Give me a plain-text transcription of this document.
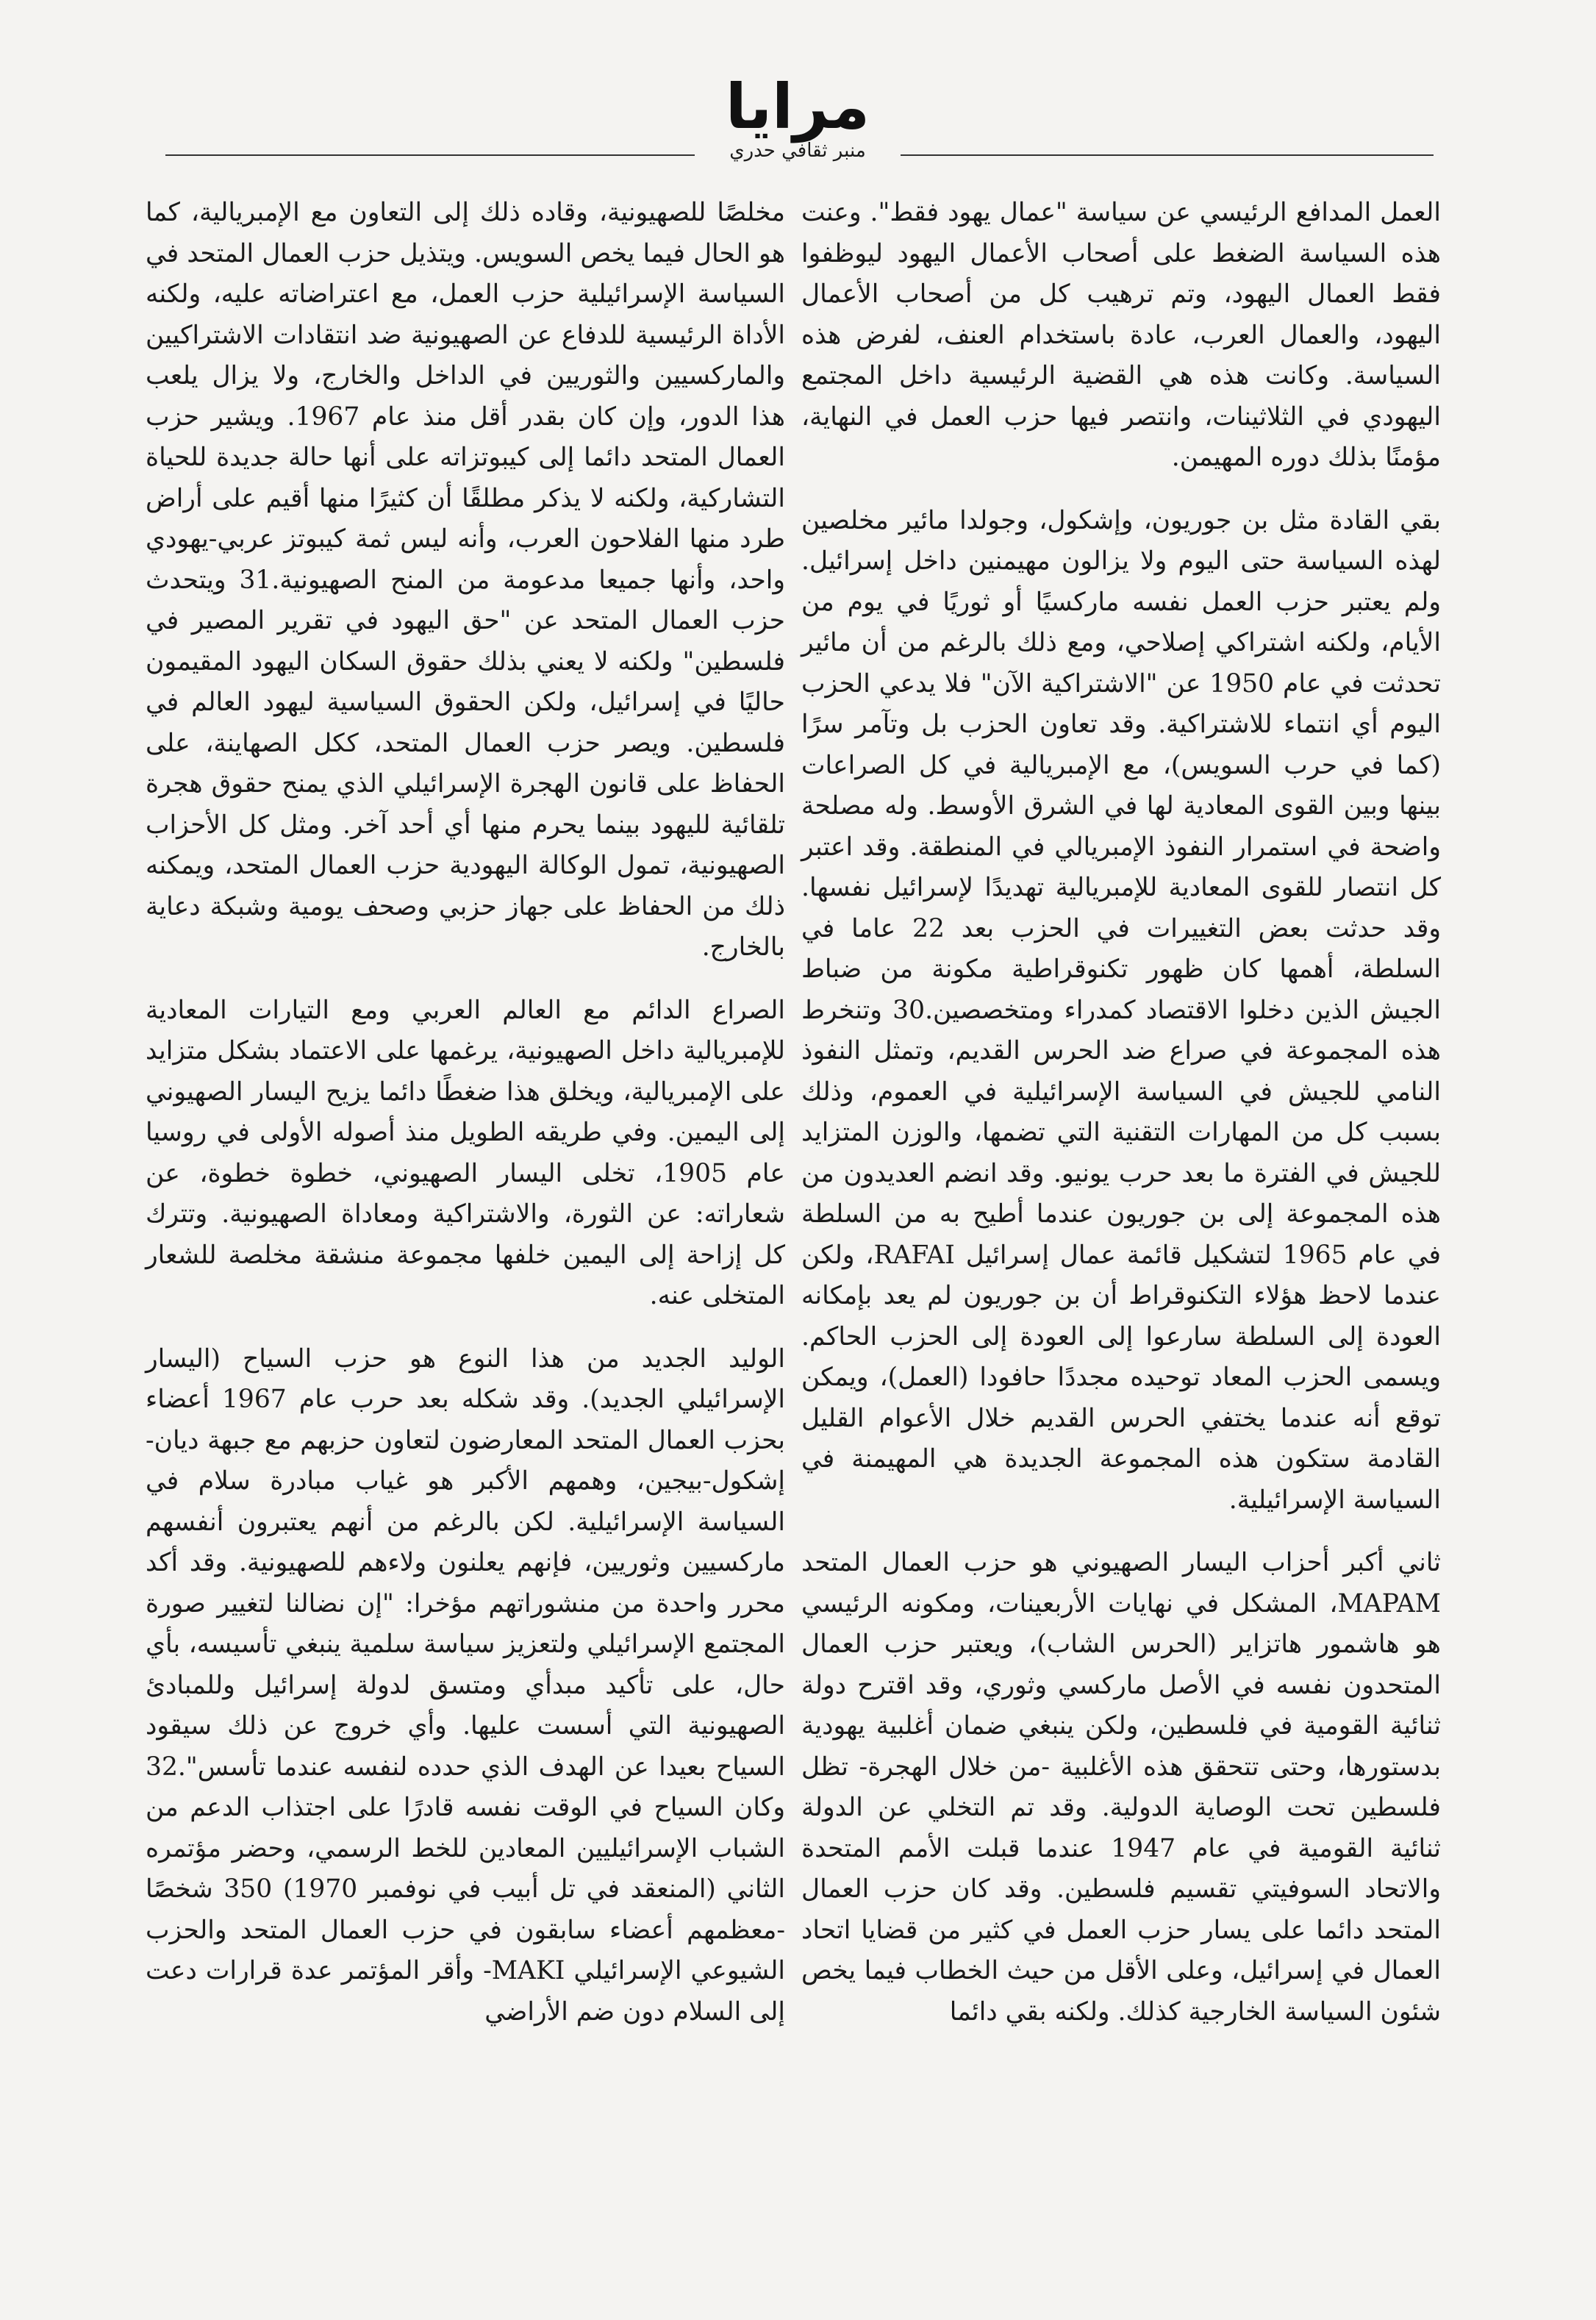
مرايا
منبر ثقافي حدري

العمل المدافع الرئيسي عن سياسة "عمال يهود فقط". وعنت هذه السياسة الضغط على أصحاب الأعمال اليهود ليوظفوا فقط العمال اليهود، وتم ترهيب كل من أصحاب الأعمال اليهود، والعمال العرب، عادة باستخدام العنف، لفرض هذه السياسة. وكانت هذه هي القضية الرئيسية داخل المجتمع اليهودي في الثلاثينات، وانتصر فيها حزب العمل في النهاية، مؤمنًا بذلك دوره المهيمن.

بقي القادة مثل بن جوريون، وإشكول، وجولدا مائير مخلصين لهذه السياسة حتى اليوم ولا يزالون مهيمنين داخل إسرائيل. ولم يعتبر حزب العمل نفسه ماركسيًا أو ثوريًا في يوم من الأيام، ولكنه اشتراكي إصلاحي، ومع ذلك بالرغم من أن مائير تحدثت في عام 1950 عن "الاشتراكية الآن" فلا يدعي الحزب اليوم أي انتماء للاشتراكية. وقد تعاون الحزب بل وتآمر سرًا (كما في حرب السويس)، مع الإمبريالية في كل الصراعات بينها وبين القوى المعادية لها في الشرق الأوسط. وله مصلحة واضحة في استمرار النفوذ الإمبريالي في المنطقة. وقد اعتبر كل انتصار للقوى المعادية للإمبريالية تهديدًا لإسرائيل نفسها. وقد حدثت بعض التغييرات في الحزب بعد 22 عاما في السلطة، أهمها كان ظهور تكنوقراطية مكونة من ضباط الجيش الذين دخلوا الاقتصاد كمدراء ومتخصصين.30 وتنخرط هذه المجموعة في صراع ضد الحرس القديم، وتمثل النفوذ النامي للجيش في السياسة الإسرائيلية في العموم، وذلك بسبب كل من المهارات التقنية التي تضمها، والوزن المتزايد للجيش في الفترة ما بعد حرب يونيو. وقد انضم العديدون من هذه المجموعة إلى بن جوريون عندما أطيح به من السلطة في عام 1965 لتشكيل قائمة عمال إسرائيل RAFAI، ولكن عندما لاحظ هؤلاء التكنوقراط أن بن جوريون لم يعد بإمكانه العودة إلى السلطة سارعوا إلى العودة إلى الحزب الحاكم. ويسمى الحزب المعاد توحيده مجددًا حافودا (العمل)، ويمكن توقع أنه عندما يختفي الحرس القديم خلال الأعوام القليل القادمة ستكون هذه المجموعة الجديدة هي المهيمنة في السياسة الإسرائيلية.

ثاني أكبر أحزاب اليسار الصهيوني هو حزب العمال المتحد MAPAM، المشكل في نهايات الأربعينات، ومكونه الرئيسي هو هاشمور هاتزاير (الحرس الشاب)، ويعتبر حزب العمال المتحدون نفسه في الأصل ماركسي وثوري، وقد اقترح دولة ثنائية القومية في فلسطين، ولكن ينبغي ضمان أغلبية يهودية بدستورها، وحتى تتحقق هذه الأغلبية -من خلال الهجرة- تظل فلسطين تحت الوصاية الدولية. وقد تم التخلي عن الدولة ثنائية القومية في عام 1947 عندما قبلت الأمم المتحدة والاتحاد السوفيتي تقسيم فلسطين. وقد كان حزب العمال المتحد دائما على يسار حزب العمل في كثير من قضايا اتحاد العمال في إسرائيل، وعلى الأقل من حيث الخطاب فيما يخص شئون السياسة الخارجية كذلك. ولكنه بقي دائما

مخلصًا للصهيونية، وقاده ذلك إلى التعاون مع الإمبريالية، كما هو الحال فيما يخص السويس. ويتذيل حزب العمال المتحد في السياسة الإسرائيلية حزب العمل، مع اعتراضاته عليه، ولكنه الأداة الرئيسية للدفاع عن الصهيونية ضد انتقادات الاشتراكيين والماركسيين والثوريين في الداخل والخارج، ولا يزال يلعب هذا الدور، وإن كان بقدر أقل منذ عام 1967. ويشير حزب العمال المتحد دائما إلى كيبوتزاته على أنها حالة جديدة للحياة التشاركية، ولكنه لا يذكر مطلقًا أن كثيرًا منها أقيم على أراض طرد منها الفلاحون العرب، وأنه ليس ثمة كيبوتز عربي-يهودي واحد، وأنها جميعا مدعومة من المنح الصهيونية.31 ويتحدث حزب العمال المتحد عن "حق اليهود في تقرير المصير في فلسطين" ولكنه لا يعني بذلك حقوق السكان اليهود المقيمون حاليًا في إسرائيل، ولكن الحقوق السياسية ليهود العالم في فلسطين. ويصر حزب العمال المتحد، ككل الصهاينة، على الحفاظ على قانون الهجرة الإسرائيلي الذي يمنح حقوق هجرة تلقائية لليهود بينما يحرم منها أي أحد آخر. ومثل كل الأحزاب الصهيونية، تمول الوكالة اليهودية حزب العمال المتحد، ويمكنه ذلك من الحفاظ على جهاز حزبي وصحف يومية وشبكة دعاية بالخارج.

الصراع الدائم مع العالم العربي ومع التيارات المعادية للإمبريالية داخل الصهيونية، يرغمها على الاعتماد بشكل متزايد على الإمبريالية، ويخلق هذا ضغطًا دائما يزيح اليسار الصهيوني إلى اليمين. وفي طريقه الطويل منذ أصوله الأولى في روسيا عام 1905، تخلى اليسار الصهيوني، خطوة خطوة، عن شعاراته: عن الثورة، والاشتراكية ومعاداة الصهيونية. وتترك كل إزاحة إلى اليمين خلفها مجموعة منشقة مخلصة للشعار المتخلى عنه.

الوليد الجديد من هذا النوع هو حزب السياح (اليسار الإسرائيلي الجديد). وقد شكله بعد حرب عام 1967 أعضاء بحزب العمال المتحد المعارضون لتعاون حزبهم مع جبهة ديان-إشكول-بيجين، وهمهم الأكبر هو غياب مبادرة سلام في السياسة الإسرائيلية. لكن بالرغم من أنهم يعتبرون أنفسهم ماركسيين وثوريين، فإنهم يعلنون ولاءهم للصهيونية. وقد أكد محرر واحدة من منشوراتهم مؤخرا: "إن نضالنا لتغيير صورة المجتمع الإسرائيلي ولتعزيز سياسة سلمية ينبغي تأسيسه، بأي حال، على تأكيد مبدأي ومتسق لدولة إسرائيل وللمبادئ الصهيونية التي أسست عليها. وأي خروج عن ذلك سيقود السياح بعيدا عن الهدف الذي حدده لنفسه عندما تأسس".32 وكان السياح في الوقت نفسه قادرًا على اجتذاب الدعم من الشباب الإسرائيليين المعادين للخط الرسمي، وحضر مؤتمره الثاني (المنعقد في تل أبيب في نوفمبر 1970) 350 شخصًا -معظمهم أعضاء سابقون في حزب العمال المتحد والحزب الشيوعي الإسرائيلي MAKI- وأقر المؤتمر عدة قرارات دعت إلى السلام دون ضم الأراضي
